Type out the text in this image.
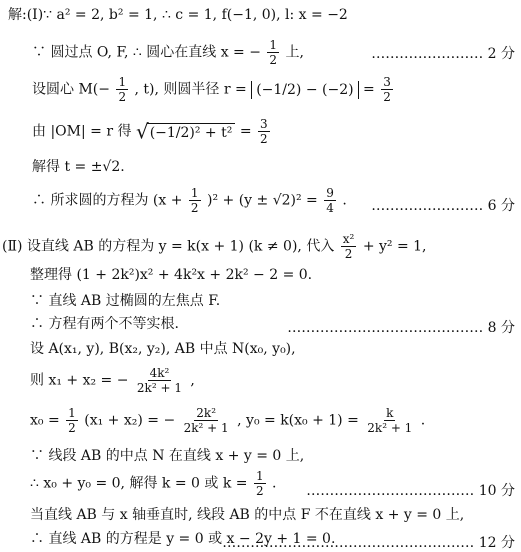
解:(Ⅰ)∵ a² = 2, b² = 1, ∴ c = 1, f(−1, 0), l: x = −2
∵ 圆过点 O, F, ∴ 圆心在直线 x = − $\frac{1}{2}$ 上,	…………………… 2 分
设圆心 $M(- \frac{1}{2}$ , t), 则圆半径 $r = (-1/2) - (-2) = \frac{3}{2}$
由 |OM| = r 得 $√(-1/2)^2 + t^2 = \frac{3}{2}$
解得 t = ±√2.
∴ 所求圆的方程为 $(x + \frac{1}{2} )^2 + (y \pm √2)^2 = \frac{9}{4}$ .	…………………… 6 分
(Ⅱ) 设直线 AB 的方程为 y = k(x + 1) (k ≠ 0), 代入 $\frac{\text{x²}}{2} + y^2 = 1$,
整理得 (1 + 2k²)x² + 4k²x + 2k² − 2 = 0.
∵ 直线 AB 过椭圆的左焦点 F.
∴ 方程有两个不等实根.	…………………………………… 8 分
设 A(x₁, y), B(x₂, y₂), AB 中点 N(x₀, y₀),
则 x₁ + x₂ = − $\frac{\text{4k²}}{\text{2k² + 1}}$ ,
$x_0 = \frac{1}{2} (x_1 + x_2)$ = − $\frac{\text{2k²}}{\text{2k² + 1}}$ , $y_0 = k(x_0 + 1) = \frac{k}{\text{2k² + 1}}$ .
∵ 线段 AB 的中点 N 在直线 x + y = 0 上,
∴ x₀ + y₀ = 0, 解得 k = 0 或 $k = \frac{1}{2}$ .	……………………………… 10 分
当直线 AB 与 x 轴垂直时, 线段 AB 的中点 F 不在直线 x + y = 0 上,
∴ 直线 AB 的方程是 y = 0 或 x − 2y + 1 = 0.
……………………………………………… 12 分
